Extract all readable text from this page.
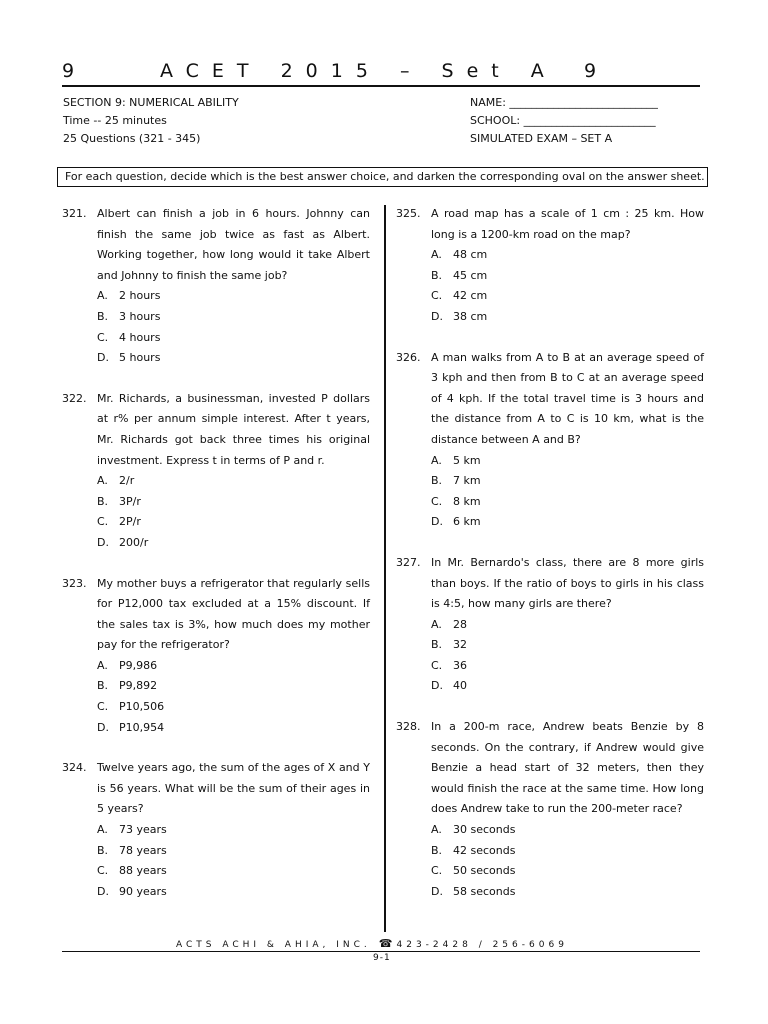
9	ACET 2015 – Set A 9
SECTION 9: NUMERICAL ABILITY
Time -- 25 minutes
25 Questions (321 - 345)
NAME: ___________________________
SCHOOL: ________________________
SIMULATED EXAM – SET A
For each question, decide which is the best answer choice, and darken the corresponding oval on the answer sheet.
321. Albert can finish a job in 6 hours. Johnny can finish the same job twice as fast as Albert. Working together, how long would it take Albert and Johnny to finish the same job?
A.	2 hours
B. 3 hours
C. 4 hours
D. 5 hours
322. Mr. Richards, a businessman, invested P dollars at r% per annum simple interest. After t years, Mr. Richards got back three times his original investment. Express t in terms of P and r.
A.	2/r
B. 3P/r
C. 2P/r
D. 200/r
323. My mother buys a refrigerator that regularly sells for P12,000 tax excluded at a 15% discount. If the sales tax is 3%, how much does my mother pay for the refrigerator?
A.	P9,986
B. P9,892
C. P10,506
D. P10,954
324. Twelve years ago, the sum of the ages of X and Y is 56 years. What will be the sum of their ages in 5 years?
A.	73 years
B. 78 years
C. 88 years
D. 90 years
325. A road map has a scale of 1 cm : 25 km. How long is a 1200-km road on the map?
A.	48 cm
B. 45 cm
C. 42 cm
D. 38 cm
326. A man walks from A to B at an average speed of 3 kph and then from B to C at an average speed of 4 kph. If the total travel time is 3 hours and the distance from A to C is 10 km, what is the distance between A and B?
A.	5 km
B. 7 km
C. 8 km
D. 6 km
327. In Mr. Bernardo's class, there are 8 more girls than boys. If the ratio of boys to girls in his class is 4:5, how many girls are there?
A.	28
B. 32
C. 36
D. 40
328. In a 200-m race, Andrew beats Benzie by 8 seconds. On the contrary, if Andrew would give Benzie a head start of 32 meters, then they would finish the race at the same time. How long does Andrew take to run the 200-meter race?
A.	30 seconds
B. 42 seconds
C. 50 seconds
D. 58 seconds
ACTS ACHI & AHIA, INC. ☎ 423-2428 / 256-6069
9-1
